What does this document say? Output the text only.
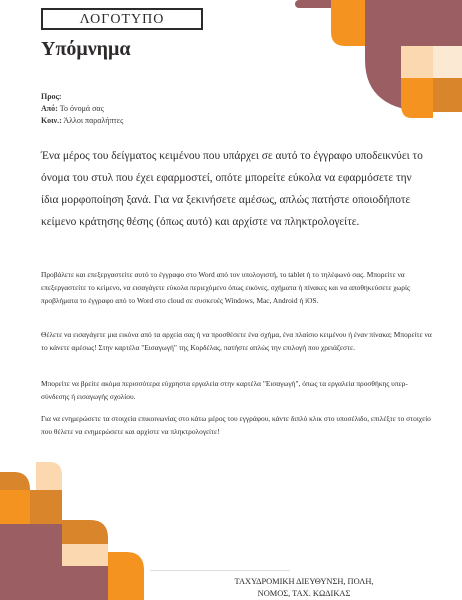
ΛΟΓΟΤΥΠΟ
Υπόμνημα
Προς:
Από: Το όνομά σας
Κοιν.: Άλλοι παραλήπτες

Ένα μέρος του δείγματος κειμένου που υπάρχει σε αυτό το έγγραφο υποδεικνύει το όνομα του στυλ που έχει εφαρμοστεί, οπότε μπορείτε εύκολα να εφαρμόσετε την ίδια μορφοποίηση ξανά. Για να ξεκινήσετε αμέσως, απλώς πατήστε οποιοδήποτε κείμενο κράτησης θέσης (όπως αυτό) και αρχίστε να πληκτρολογείτε.

Προβάλετε και επεξεργαστείτε αυτό το έγγραφο στο Word από τον υπολογιστή, το tablet ή το τηλέφωνό σας. Μπορείτε να επεξεργαστείτε το κείμενο, να εισαγάγετε εύκολα περιεχόμενο όπως εικόνες, σχήματα ή πίνακες και να αποθηκεύσετε χωρίς προβλήματα το έγγραφο από το Word στο cloud σε συσκευές Windows, Mac, Android ή iOS.

Θέλετε να εισαγάγετε μια εικόνα από τα αρχεία σας ή να προσθέσετε ένα σχήμα, ένα πλαίσιο κειμένου ή έναν πίνακα; Μπορείτε να το κάνετε αμέσως! Στην καρτέλα "Εισαγωγή" της Κορδέλας, πατήστε απλώς την επιλογή που χρειάζεστε.

Μπορείτε να βρείτε ακόμα περισσότερα εύχρηστα εργαλεία στην καρτέλα "Εισαγωγή", όπως τα εργαλεία προσθήκης υπερ-σύνδεσης ή εισαγωγής σχολίου.

Για να ενημερώσετε τα στοιχεία επικοινωνίας στο κάτω μέρος του εγγράφου, κάντε διπλό κλικ στο υποσέλιδο, επιλέξτε το στοιχείο που θέλετε να ενημερώσετε και αρχίστε να πληκτρολογείτε!

ΤΑΧΥΔΡΟΜΙΚΗ ΔΙΕΥΘΥΝΣΗ, ΠΟΛΗ,
ΝΟΜΟΣ, ΤΑΧ. ΚΩΔΙΚΑΣ
